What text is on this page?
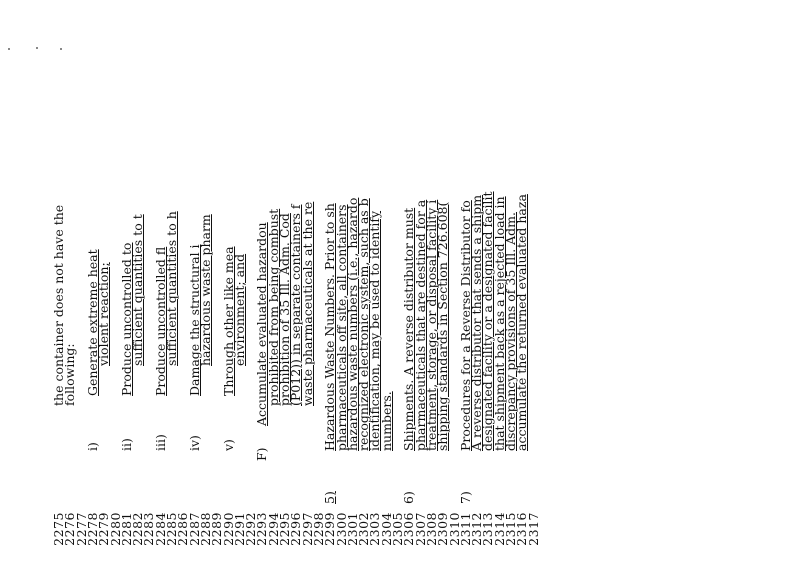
2275
the container does not have the
2276
following:
2277
2278
i)
Generate extreme heat
2279
violent reaction;
2280
2281
ii)
Produce uncontrolled to
2282
sufficient quantities to t
2283
2284
iii)
Produce uncontrolled fl
2285
sufficient quantities to h
2286
2287
iv)
Damage the structural i
2288
hazardous waste pharm
2289
2290
v)
Through other like mea
2291
environment; and
2292
2293
F)
Accumulate evaluated hazardou
2294
prohibited from being combust
2295
prohibition of 35 Ill. Adm. Cod
2296
(P012)) in separate containers f
2297
waste pharmaceuticals at the re
2298
2299
5)
Hazardous Waste Numbers. Prior to sh
2300
pharmaceuticals off site, all containers
2301
hazardous waste numbers (i.e., hazardo
2302
recognized electronic system, such as b
2303
identification, may be used to identify
2304
numbers.
2305
2306
6)
Shipments. A reverse distributor must
2307
pharmaceuticals that are destined for a
2308
treatment, storage, or disposal facility i
2309
shipping standards in Section 726.608(
2310
2311
7)
Procedures for a Reverse Distributor fo
2312
A reverse distributor that sends a shipm
2313
designated facility or a designated facilit
2314
that shipment back as a rejected load in
2315
discrepancy provisions of 35 Ill. Adm.
2316
accumulate the returned evaluated haza
2317
